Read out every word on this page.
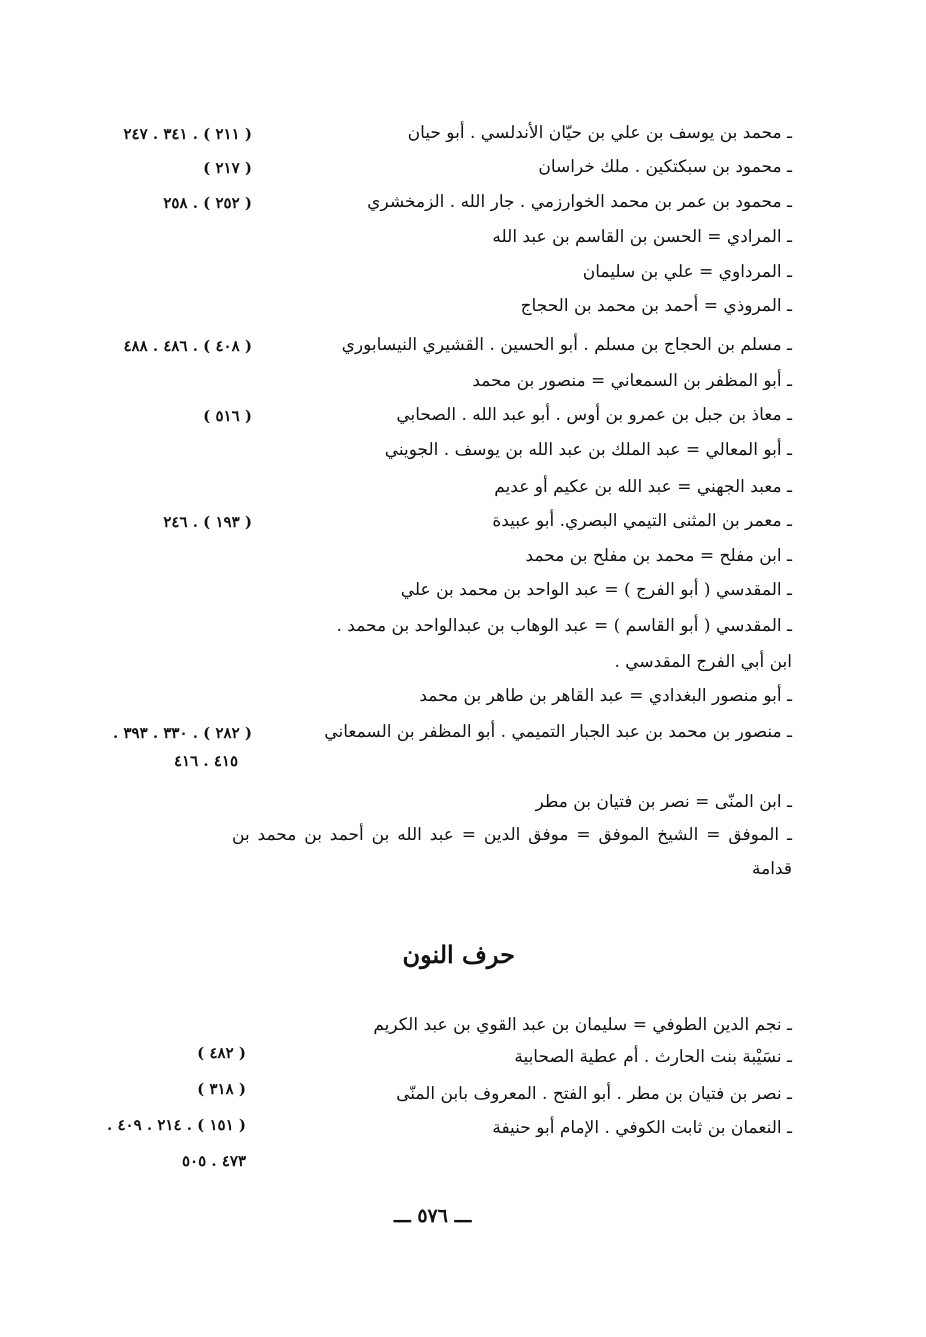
ـ محمد بن يوسف بن علي بن حيّان الأندلسي . أبو حيان
( ٢١١ ) . ٣٤١ . ٢٤٧
ـ محمود بن سبكتكين . ملك خراسان
( ٢١٧ )
ـ محمود بن عمر بن محمد الخوارزمي . جار الله . الزمخشري
( ٢٥٢ ) . ٢٥٨
ـ المرادي = الحسن بن القاسم بن عبد الله
ـ المرداوي = علي بن سليمان
ـ المروذي = أحمد بن محمد بن الحجاج
ـ مسلم بن الحجاج بن مسلم . أبو الحسين . القشيري النيسابوري
( ٤٠٨ ) . ٤٨٦ . ٤٨٨
ـ أبو المظفر بن السمعاني = منصور بن محمد
ـ معاذ بن جبل بن عمرو بن أوس . أبو عبد الله . الصحابي
( ٥١٦ )
ـ أبو المعالي = عبد الملك بن عبد الله بن يوسف . الجويني
ـ معبد الجهني = عبد الله بن عكيم أو عديم
ـ معمر بن المثنى التيمي البصري. أبو عبيدة
( ١٩٣ ) . ٢٤٦
ـ ابن مفلح = محمد بن مفلح بن محمد
ـ المقدسي ( أبو الفرج ) = عبد الواحد بن محمد بن علي
ـ المقدسي ( أبو القاسم ) = عبد الوهاب بن عبدالواحد بن محمد .
ابن أبي الفرج المقدسي .
ـ أبو منصور البغدادي = عبد القاهر بن طاهر بن محمد
ـ منصور بن محمد بن عبد الجبار التميمي . أبو المظفر بن السمعاني
( ٢٨٢ ) . ٣٣٠ . ٣٩٣ .
٤١٥ . ٤١٦
ـ ابن المنّى = نصر بن فتيان بن مطر
ـ الموفق = الشيخ الموفق = موفق الدين = عبد الله بن أحمد بن محمد بن قدامة
حرف النون
ـ نجم الدين الطوفي = سليمان بن عبد القوي بن عبد الكريم
ـ نسَيْبة بنت الحارث . أم عطية الصحابية
( ٤٨٢ )
ـ نصر بن فتيان بن مطر . أبو الفتح . المعروف بابن المنّى
( ٣١٨ )
ـ النعمان بن ثابت الكوفي . الإمام أبو حنيفة
( ١٥١ ) . ٢١٤ . ٤٠٩ .
٤٧٣ . ٥٠٥
ـــ ٥٧٦ ـــ
